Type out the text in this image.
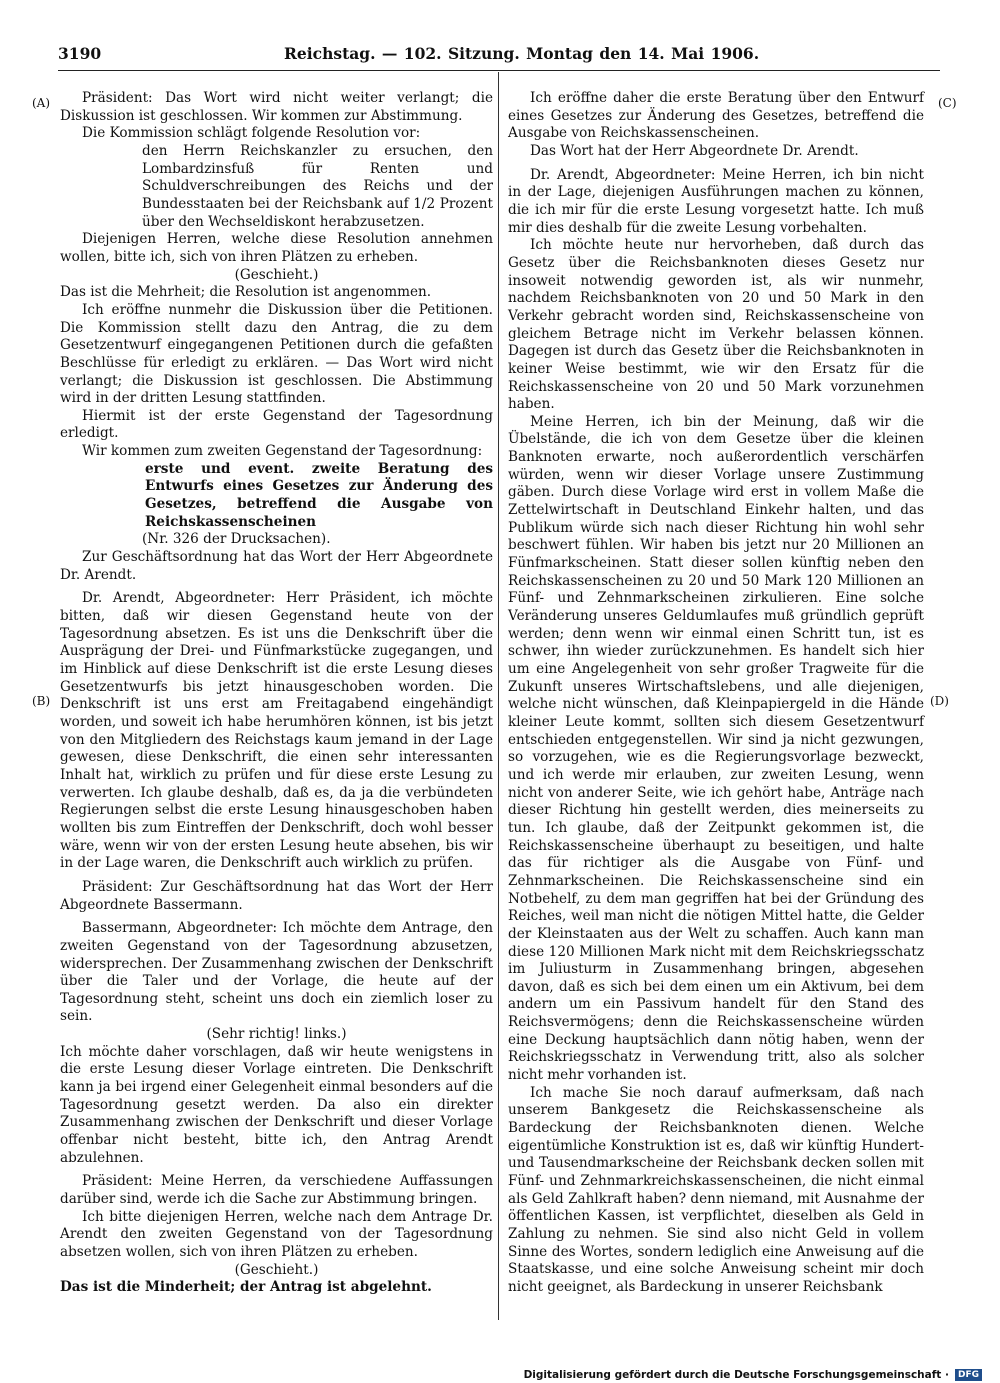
3190	Reichstag. — 102. Sitzung. Montag den 14. Mai 1906.
(A)
(B)
(C)
(D)

Präsident: Das Wort wird nicht weiter verlangt; die Diskussion ist geschlossen. Wir kommen zur Abstimmung.

Die Kommission schlägt folgende Resolution vor:

den Herrn Reichskanzler zu ersuchen, den Lombardzinsfuß für Renten und Schuldverschreibungen des Reichs und der Bundesstaaten bei der Reichsbank auf 1/2 Prozent über den Wechseldiskont herabzusetzen.

Diejenigen Herren, welche diese Resolution annehmen wollen, bitte ich, sich von ihren Plätzen zu erheben.

(Geschieht.)

Das ist die Mehrheit; die Resolution ist angenommen.

Ich eröffne nunmehr die Diskussion über die Petitionen. Die Kommission stellt dazu den Antrag, die zu dem Gesetzentwurf eingegangenen Petitionen durch die gefaßten Beschlüsse für erledigt zu erklären. — Das Wort wird nicht verlangt; die Diskussion ist geschlossen. Die Abstimmung wird in der dritten Lesung stattfinden.

Hiermit ist der erste Gegenstand der Tagesordnung erledigt.

Wir kommen zum zweiten Gegenstand der Tagesordnung:

erste und event. zweite Beratung des Entwurfs eines Gesetzes zur Änderung des Gesetzes, betreffend die Ausgabe von Reichskassenscheinen

(Nr. 326 der Drucksachen).

Zur Geschäftsordnung hat das Wort der Herr Abgeordnete Dr. Arendt.

Dr. Arendt, Abgeordneter: Herr Präsident, ich möchte bitten, daß wir diesen Gegenstand heute von der Tagesordnung absetzen. Es ist uns die Denkschrift über die Ausprägung der Drei- und Fünfmarkstücke zugegangen, und im Hinblick auf diese Denkschrift ist die erste Lesung dieses Gesetzentwurfs bis jetzt hinausgeschoben worden. Die Denkschrift ist uns erst am Freitagabend eingehändigt worden, und soweit ich habe herumhören können, ist bis jetzt von den Mitgliedern des Reichstags kaum jemand in der Lage gewesen, diese Denkschrift, die einen sehr interessanten Inhalt hat, wirklich zu prüfen und für diese erste Lesung zu verwerten. Ich glaube deshalb, daß es, da ja die verbündeten Regierungen selbst die erste Lesung hinausgeschoben haben wollten bis zum Eintreffen der Denkschrift, doch wohl besser wäre, wenn wir von der ersten Lesung heute absehen, bis wir in der Lage waren, die Denkschrift auch wirklich zu prüfen.

Präsident: Zur Geschäftsordnung hat das Wort der Herr Abgeordnete Bassermann.

Bassermann, Abgeordneter: Ich möchte dem Antrage, den zweiten Gegenstand von der Tagesordnung abzusetzen, widersprechen. Der Zusammenhang zwischen der Denkschrift über die Taler und der Vorlage, die heute auf der Tagesordnung steht, scheint uns doch ein ziemlich loser zu sein.

(Sehr richtig! links.)

Ich möchte daher vorschlagen, daß wir heute wenigstens in die erste Lesung dieser Vorlage eintreten. Die Denkschrift kann ja bei irgend einer Gelegenheit einmal besonders auf die Tagesordnung gesetzt werden. Da also ein direkter Zusammenhang zwischen der Denkschrift und dieser Vorlage offenbar nicht besteht, bitte ich, den Antrag Arendt abzulehnen.

Präsident: Meine Herren, da verschiedene Auffassungen darüber sind, werde ich die Sache zur Abstimmung bringen.

Ich bitte diejenigen Herren, welche nach dem Antrage Dr. Arendt den zweiten Gegenstand von der Tagesordnung absetzen wollen, sich von ihren Plätzen zu erheben.

(Geschieht.)

Das ist die Minderheit; der Antrag ist abgelehnt.

Ich eröffne daher die erste Beratung über den Entwurf eines Gesetzes zur Änderung des Gesetzes, betreffend die Ausgabe von Reichskassenscheinen.

Das Wort hat der Herr Abgeordnete Dr. Arendt.

Dr. Arendt, Abgeordneter: Meine Herren, ich bin nicht in der Lage, diejenigen Ausführungen machen zu können, die ich mir für die erste Lesung vorgesetzt hatte. Ich muß mir dies deshalb für die zweite Lesung vorbehalten.

Ich möchte heute nur hervorheben, daß durch das Gesetz über die Reichsbanknoten dieses Gesetz nur insoweit notwendig geworden ist, als wir nunmehr, nachdem Reichsbanknoten von 20 und 50 Mark in den Verkehr gebracht worden sind, Reichskassenscheine von gleichem Betrage nicht im Verkehr belassen können. Dagegen ist durch das Gesetz über die Reichsbanknoten in keiner Weise bestimmt, wie wir den Ersatz für die Reichskassenscheine von 20 und 50 Mark vorzunehmen haben.

Meine Herren, ich bin der Meinung, daß wir die Übelstände, die ich von dem Gesetze über die kleinen Banknoten erwarte, noch außerordentlich verschärfen würden, wenn wir dieser Vorlage unsere Zustimmung gäben. Durch diese Vorlage wird erst in vollem Maße die Zettelwirtschaft in Deutschland Einkehr halten, und das Publikum würde sich nach dieser Richtung hin wohl sehr beschwert fühlen. Wir haben bis jetzt nur 20 Millionen an Fünfmarkscheinen. Statt dieser sollen künftig neben den Reichskassenscheinen zu 20 und 50 Mark 120 Millionen an Fünf- und Zehnmarkscheinen zirkulieren. Eine solche Veränderung unseres Geldumlaufes muß gründlich geprüft werden; denn wenn wir einmal einen Schritt tun, ist es schwer, ihn wieder zurückzunehmen. Es handelt sich hier um eine Angelegenheit von sehr großer Tragweite für die Zukunft unseres Wirtschaftslebens, und alle diejenigen, welche nicht wünschen, daß Kleinpapiergeld in die Hände kleiner Leute kommt, sollten sich diesem Gesetzentwurf entschieden entgegenstellen. Wir sind ja nicht gezwungen, so vorzugehen, wie es die Regierungsvorlage bezweckt, und ich werde mir erlauben, zur zweiten Lesung, wenn nicht von anderer Seite, wie ich gehört habe, Anträge nach dieser Richtung hin gestellt werden, dies meinerseits zu tun. Ich glaube, daß der Zeitpunkt gekommen ist, die Reichskassenscheine überhaupt zu beseitigen, und halte das für richtiger als die Ausgabe von Fünf- und Zehnmarkscheinen. Die Reichskassenscheine sind ein Notbehelf, zu dem man gegriffen hat bei der Gründung des Reiches, weil man nicht die nötigen Mittel hatte, die Gelder der Kleinstaaten aus der Welt zu schaffen. Auch kann man diese 120 Millionen Mark nicht mit dem Reichskriegsschatz im Juliusturm in Zusammenhang bringen, abgesehen davon, daß es sich bei dem einen um ein Aktivum, bei dem andern um ein Passivum handelt für den Stand des Reichsvermögens; denn die Reichskassenscheine würden eine Deckung hauptsächlich dann nötig haben, wenn der Reichskriegsschatz in Verwendung tritt, also als solcher nicht mehr vorhanden ist.

Ich mache Sie noch darauf aufmerksam, daß nach unserem Bankgesetz die Reichskassenscheine als Bardeckung der Reichsbanknoten dienen. Welche eigentümliche Konstruktion ist es, daß wir künftig Hundert- und Tausendmarkscheine der Reichsbank decken sollen mit Fünf- und Zehnmarkreichskassenscheinen, die nicht einmal als Geld Zahlkraft haben? denn niemand, mit Ausnahme der öffentlichen Kassen, ist verpflichtet, dieselben als Geld in Zahlung zu nehmen. Sie sind also nicht Geld in vollem Sinne des Wortes, sondern lediglich eine Anweisung auf die Staatskasse, und eine solche Anweisung scheint mir doch nicht geeignet, als Bardeckung in unserer Reichsbank

Digitalisierung gefördert durch die Deutsche Forschungsgemeinschaft ·	DFG
